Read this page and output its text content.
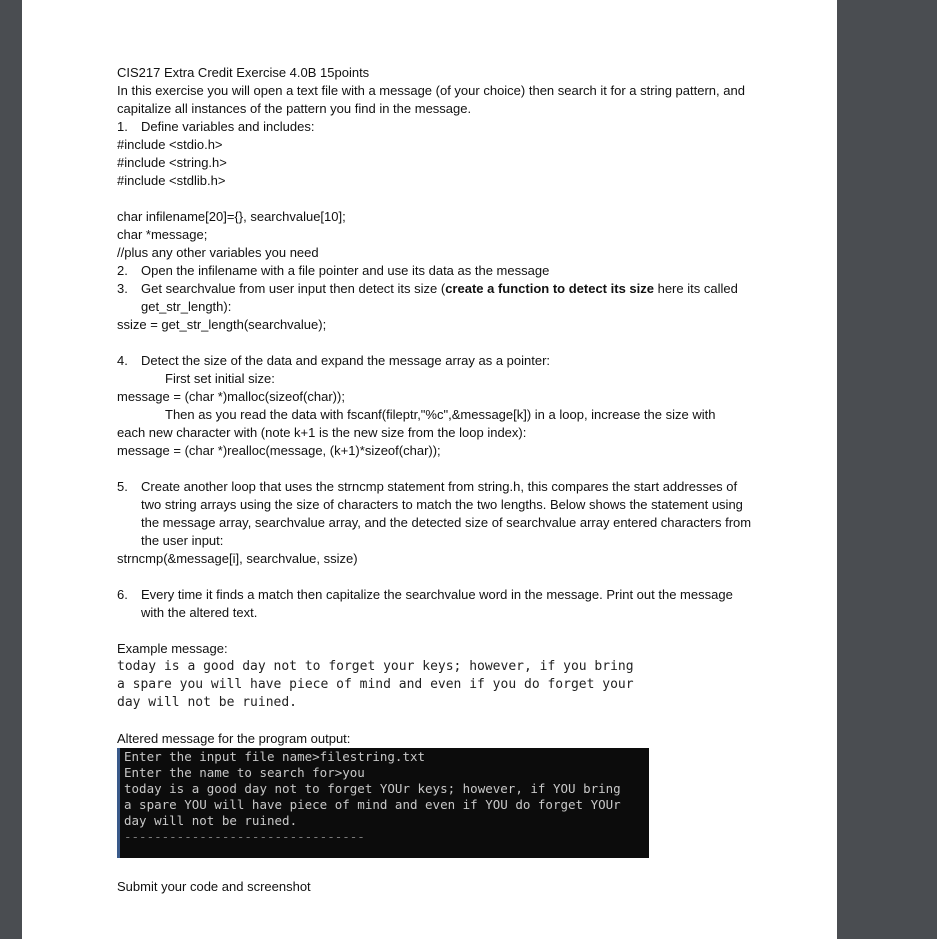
CIS217 Extra Credit Exercise 4.0B 15points

In this exercise you will open a text file with a message (of your choice) then search it for a string pattern, and capitalize all instances of the pattern you find in the message.

1.	Define variables and includes:

#include <stdio.h>

#include <string.h>

#include <stdlib.h>

char infilename[20]={}, searchvalue[10];

char *message;

//plus any other variables you need

2.	Open the infilename with a file pointer and use its data as the message
3.	Get searchvalue from user input then detect its size (create a function to detect its size here its called get_str_length):

ssize = get_str_length(searchvalue);

4.	Detect the size of the data and expand the message array as a pointer:

First set initial size:

message = (char *)malloc(sizeof(char));

Then as you read the data with fscanf(fileptr,"%c",&message[k]) in a loop, increase the size with

each new character with (note k+1 is the new size from the loop index):

message = (char *)realloc(message, (k+1)*sizeof(char));

5.	Create another loop that uses the strncmp statement from string.h, this compares the start addresses of two string arrays using the size of characters to match the two lengths. Below shows the statement using the message array, searchvalue array, and the detected size of searchvalue array entered characters from the user input:

strncmp(&message[i], searchvalue, ssize)

6.	Every time it finds a match then capitalize the searchvalue word in the message. Print out the message with the altered text.

Example message:

today is a good day not to forget your keys; however, if you bring
a spare you will have piece of mind and even if you do forget your
day will not be ruined.

Altered message for the program output:

Enter the input file name>filestring.txt
Enter the name to search for>you
today is a good day not to forget YOUr keys; however, if YOU bring
a spare YOU will have piece of mind and even if YOU do forget YOUr
day will not be ruined.
--------------------------------

Submit your code and screenshot
